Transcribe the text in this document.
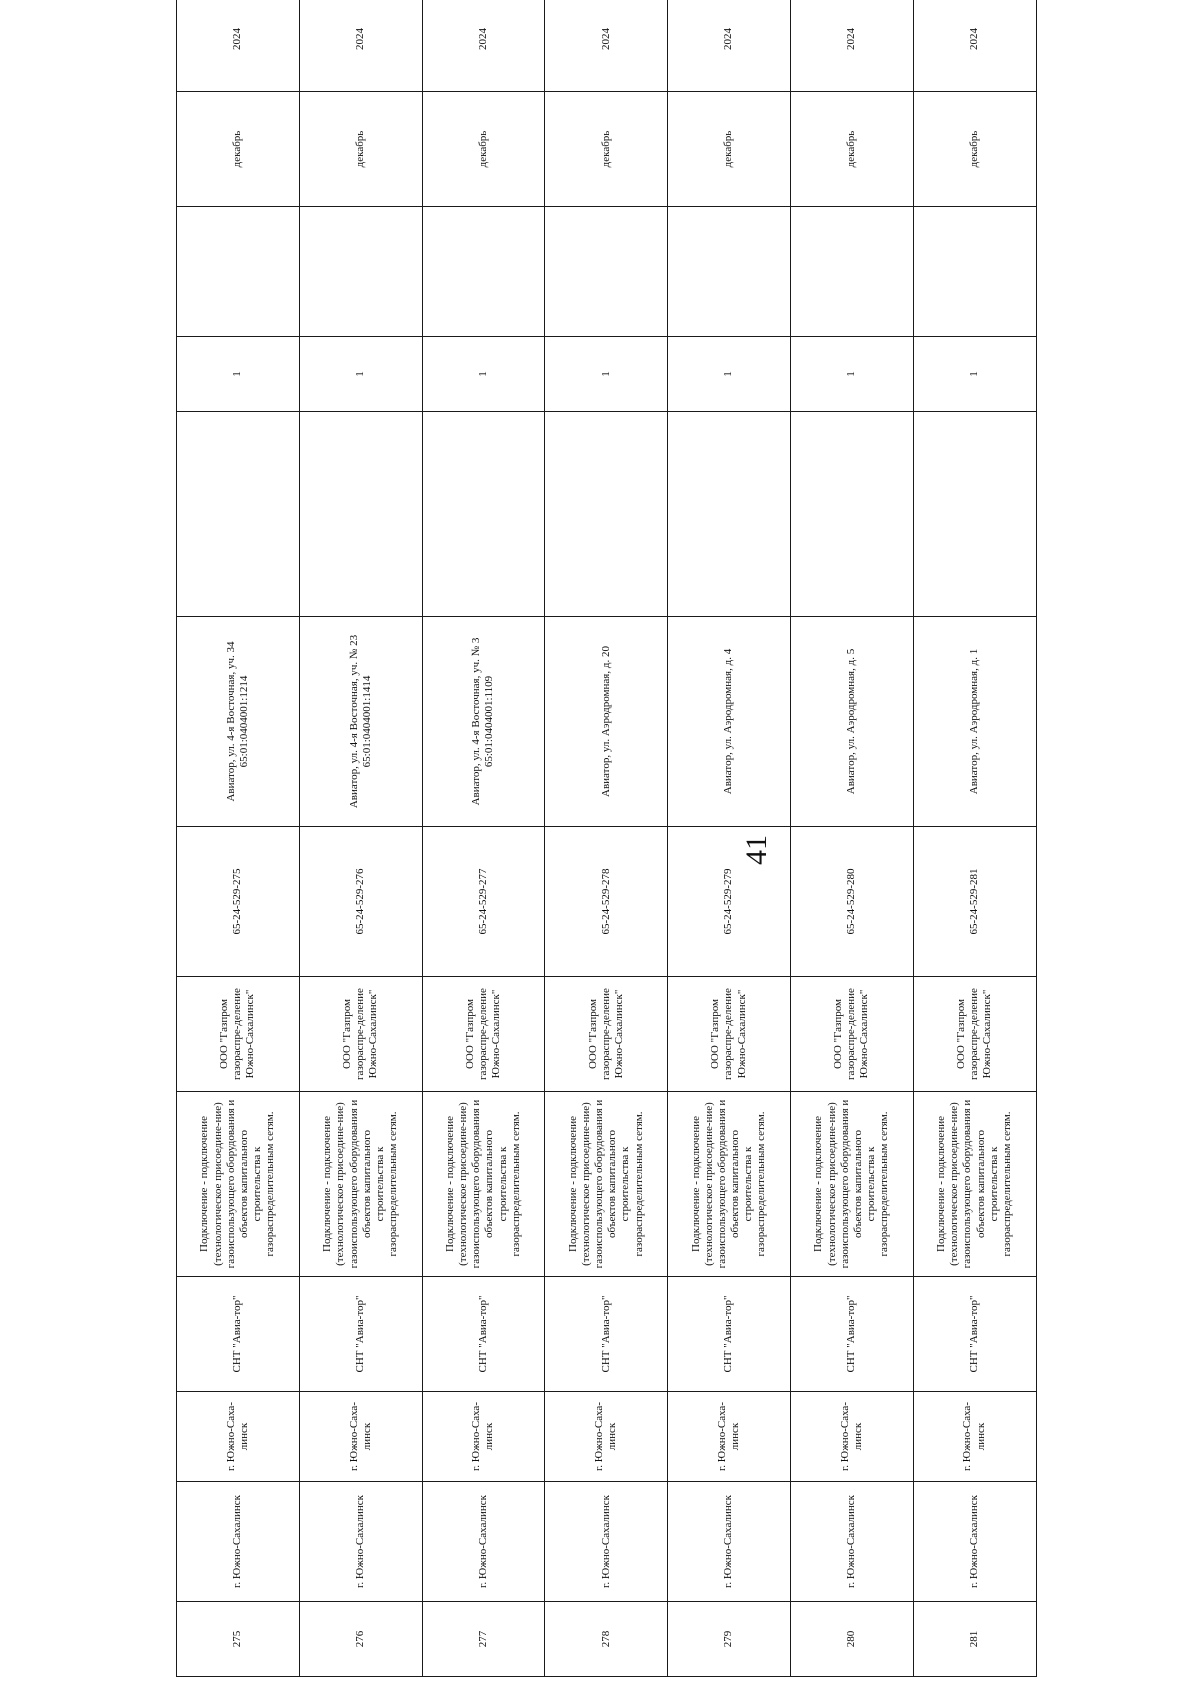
41
275	г. Южно-Сахалинск	г. Южно-Саха-линск	СНТ "Авиа-тор"	Подключение - подключение (технологическое присоедине-ние) газоиспользующего оборудования и объектов капитального строительства к газораспределительным сетям.	ООО "Газпром газораспре-деление Южно-Сахалинск"	65-24-529-275	Авиатор, ул. 4-я Восточная, уч. 34 65:01:0404001:1214		1		декабрь	2024
276	г. Южно-Сахалинск	г. Южно-Саха-линск	СНТ "Авиа-тор"	Подключение - подключение (технологическое присоедине-ние) газоиспользующего оборудования и объектов капитального строительства к газораспределительным сетям.	ООО "Газпром газораспре-деление Южно-Сахалинск"	65-24-529-276	Авиатор, ул. 4-я Восточная, уч. № 23 65:01:0404001:1414		1		декабрь	2024
277	г. Южно-Сахалинск	г. Южно-Саха-линск	СНТ "Авиа-тор"	Подключение - подключение (технологическое присоедине-ние) газоиспользующего оборудования и объектов капитального строительства к газораспределительным сетям.	ООО "Газпром газораспре-деление Южно-Сахалинск"	65-24-529-277	Авиатор, ул. 4-я Восточная, уч. № 3 65:01:0404001:1109		1		декабрь	2024
278	г. Южно-Сахалинск	г. Южно-Саха-линск	СНТ "Авиа-тор"	Подключение - подключение (технологическое присоедине-ние) газоиспользующего оборудования и объектов капитального строительства к газораспределительным сетям.	ООО "Газпром газораспре-деление Южно-Сахалинск"	65-24-529-278	Авиатор, ул. Аэродромная, д. 20		1		декабрь	2024
279	г. Южно-Сахалинск	г. Южно-Саха-линск	СНТ "Авиа-тор"	Подключение - подключение (технологическое присоедине-ние) газоиспользующего оборудования и объектов капитального строительства к газораспределительным сетям.	ООО "Газпром газораспре-деление Южно-Сахалинск"	65-24-529-279	Авиатор, ул. Аэродромная, д. 4		1		декабрь	2024
280	г. Южно-Сахалинск	г. Южно-Саха-линск	СНТ "Авиа-тор"	Подключение - подключение (технологическое присоедине-ние) газоиспользующего оборудования и объектов капитального строительства к газораспределительным сетям.	ООО "Газпром газораспре-деление Южно-Сахалинск"	65-24-529-280	Авиатор, ул. Аэродромная, д. 5		1		декабрь	2024
281	г. Южно-Сахалинск	г. Южно-Саха-линск	СНТ "Авиа-тор"	Подключение - подключение (технологическое присоедине-ние) газоиспользующего оборудования и объектов капитального строительства к газораспределительным сетям.	ООО "Газпром газораспре-деление Южно-Сахалинск"	65-24-529-281	Авиатор, ул. Аэродромная, д. 1		1		декабрь	2024
